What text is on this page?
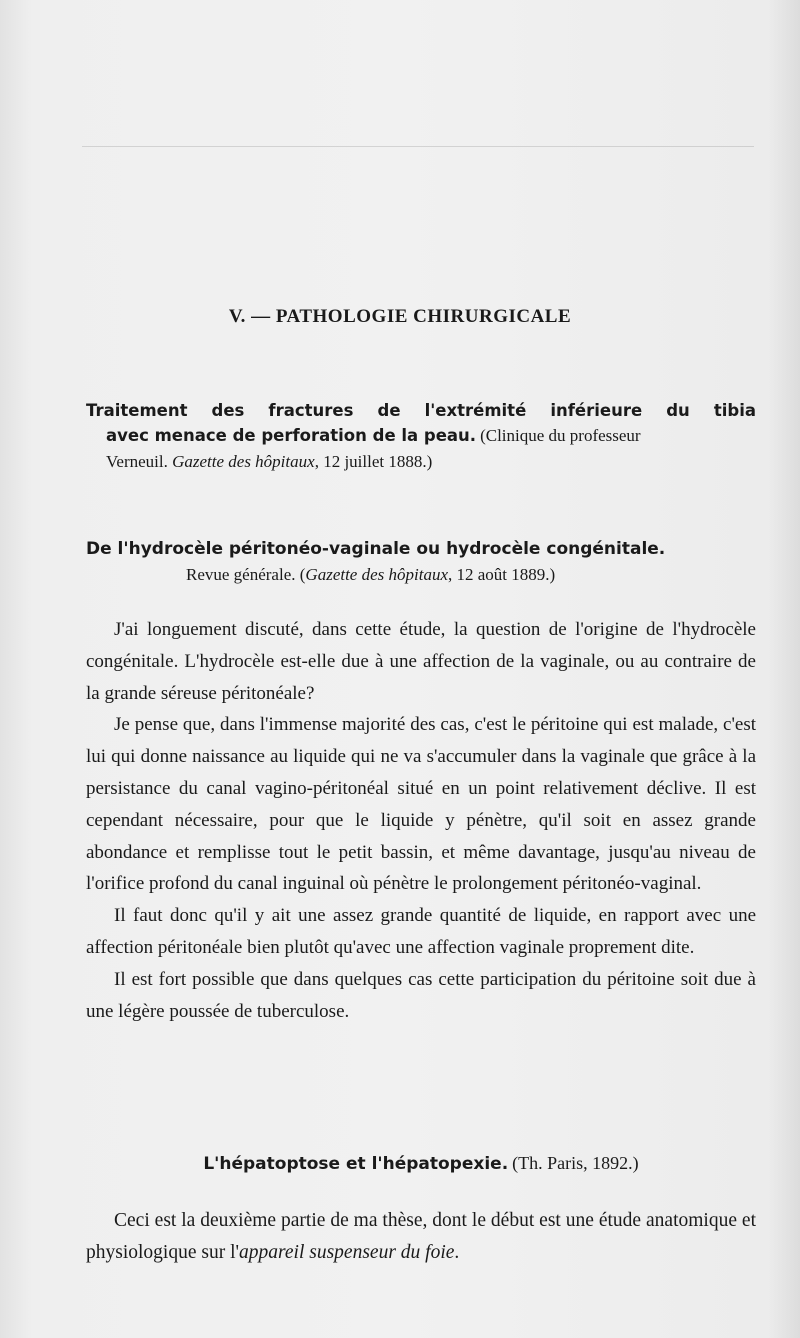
V. — PATHOLOGIE CHIRURGICALE
Traitement des fractures de l'extrémité inférieure du tibia
avec menace de perforation de la peau. (Clinique du professeur
Verneuil. Gazette des hôpitaux, 12 juillet 1888.)
De l'hydrocèle péritonéo-vaginale ou hydrocèle congénitale.
Revue générale. (Gazette des hôpitaux, 12 août 1889.)

J'ai longuement discuté, dans cette étude, la question de l'origine de l'hydrocèle congénitale. L'hydrocèle est-elle due à une affection de la vaginale, ou au contraire de la grande séreuse péritonéale?

Je pense que, dans l'immense majorité des cas, c'est le péritoine qui est malade, c'est lui qui donne naissance au liquide qui ne va s'accumuler dans la vaginale que grâce à la persistance du canal vagino-péritonéal situé en un point relativement déclive. Il est cependant nécessaire, pour que le liquide y pénètre, qu'il soit en assez grande abondance et remplisse tout le petit bassin, et même davantage, jusqu'au niveau de l'orifice profond du canal inguinal où pénètre le prolongement péritonéo-vaginal.

Il faut donc qu'il y ait une assez grande quantité de liquide, en rapport avec une affection péritonéale bien plutôt qu'avec une affection vaginale proprement dite.

Il est fort possible que dans quelques cas cette participation du péritoine soit due à une légère poussée de tuberculose.

L'hépatoptose et l'hépatopexie. (Th. Paris, 1892.)

Ceci est la deuxième partie de ma thèse, dont le début est une étude anatomique et physiologique sur l'appareil suspenseur du foie.
